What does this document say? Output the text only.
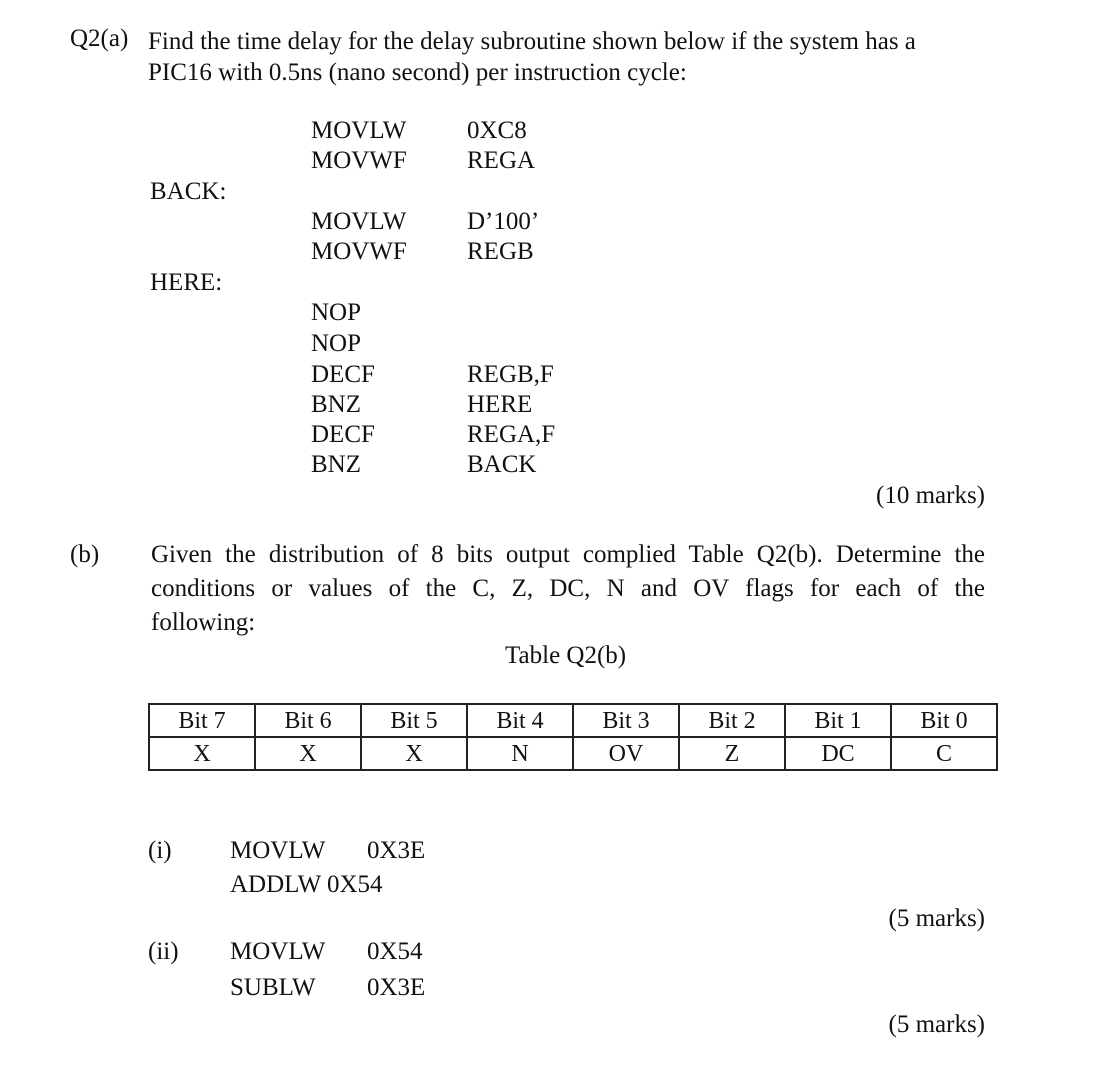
Q2(a) Find the time delay for the delay subroutine shown below if the system has a
PIC16 with 0.5ns (nano second) per instruction cycle:
MOVLW 0XC8
MOVWF REGA
BACK:
MOVLW D’100’
MOVWF REGB
HERE:
NOP
NOP
DECF	REGB,F
BNZ	HERE
DECF	REGA,F
BNZ	BACK
(10 marks)
(b) Given the distribution of 8 bits output complied Table Q2(b). Determine the
conditions or values of the C, Z, DC, N and OV flags for each of the
following:
Table Q2(b)
Bit 7	Bit 6	Bit 5	Bit 4	Bit 3	Bit 2	Bit 1	Bit 0
X	X	X	N	OV	Z	DC	C
(i) MOVLW 0X3E
ADDLW 0X54
(5 marks)
(ii) MOVLW 0X54
SUBLW 0X3E
(5 marks)
